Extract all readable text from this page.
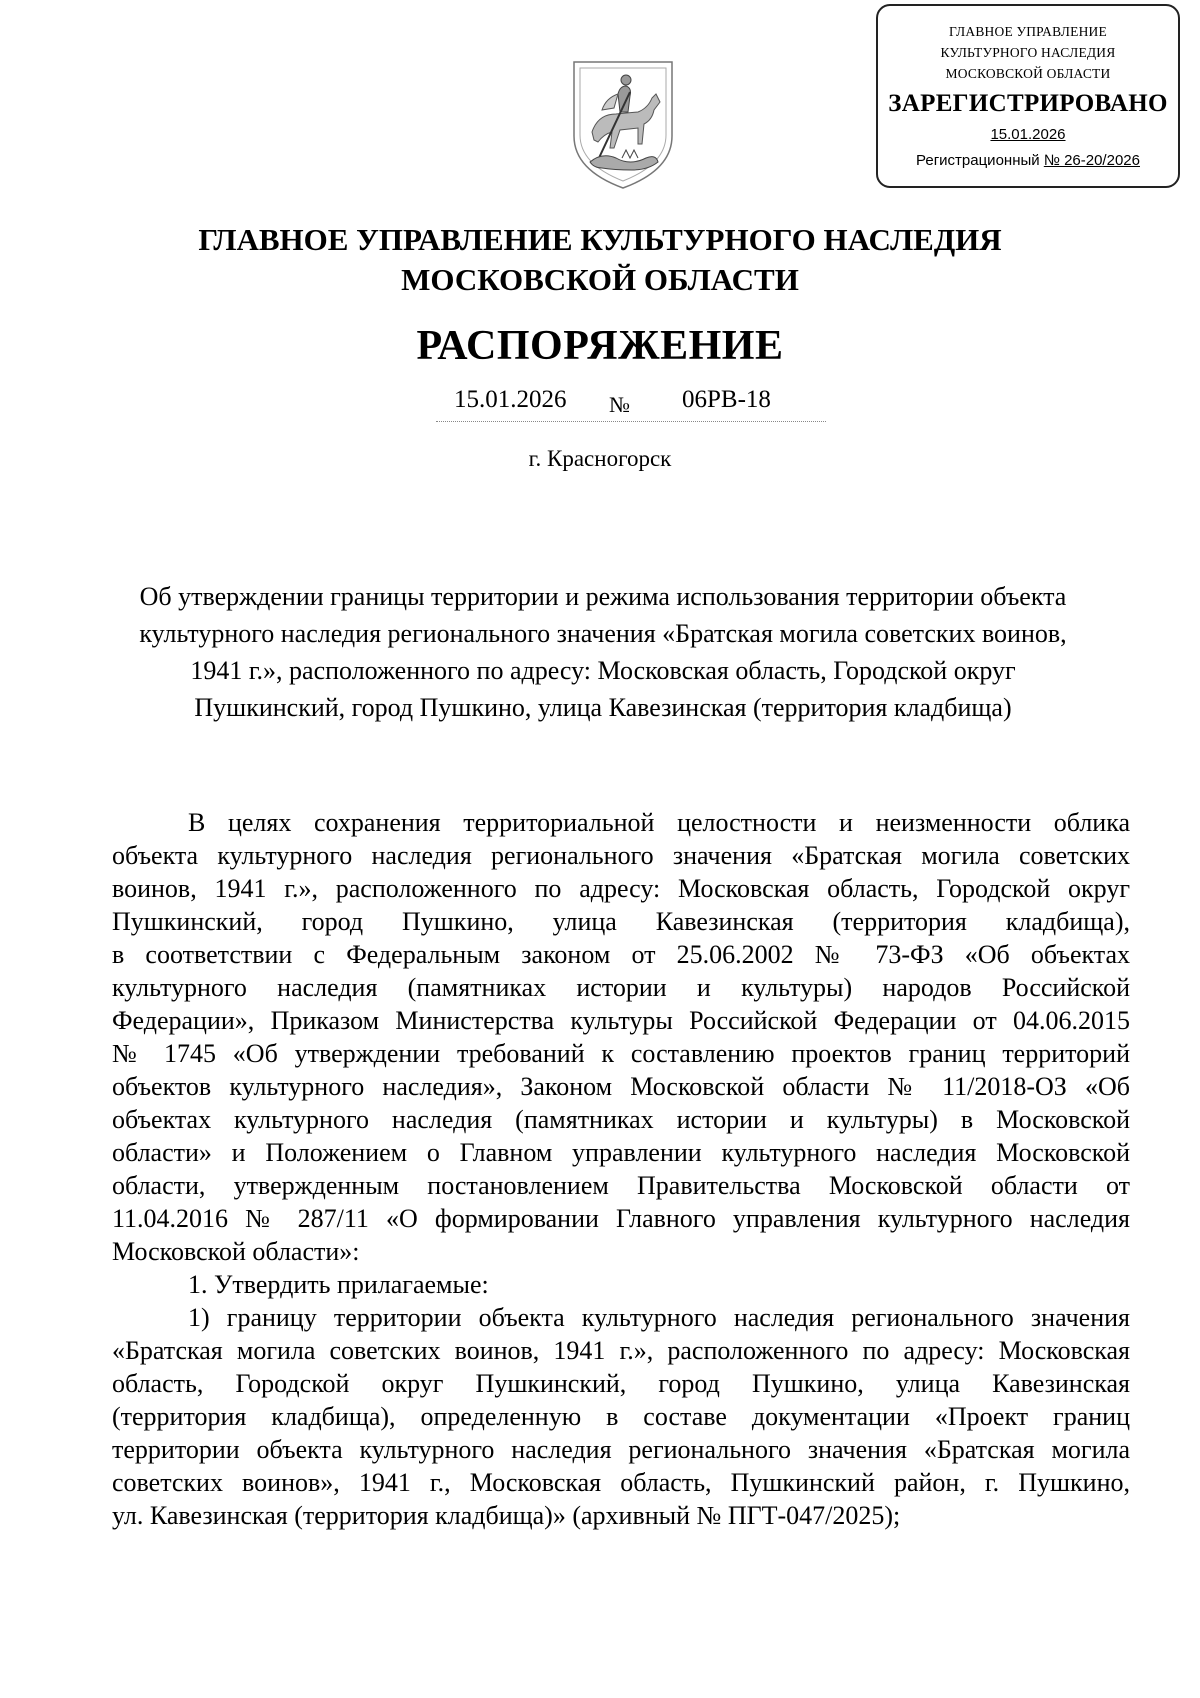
ГЛАВНОЕ УПРАВЛЕНИЕ
КУЛЬТУРНОГО НАСЛЕДИЯ
МОСКОВСКОЙ ОБЛАСТИ
ЗАРЕГИСТРИРОВАНО
15.01.2026
Регистрационный № 26-20/2026
ГЛАВНОЕ УПРАВЛЕНИЕ КУЛЬТУРНОГО НАСЛЕДИЯ
МОСКОВСКОЙ ОБЛАСТИ
РАСПОРЯЖЕНИЕ
15.01.2026 № 06РВ-18
г. Красногорск
Об утверждении границы территории и режима использования территории объекта
культурного наследия регионального значения «Братская могила советских воинов,
1941 г.», расположенного по адресу: Московская область, Городской округ
Пушкинский, город Пушкино, улица Кавезинская (территория кладбища)
В целях сохранения территориальной целостности и неизменности облика
объекта культурного наследия регионального значения «Братская могила советских
воинов, 1941 г.», расположенного по адресу: Московская область, Городской округ
Пушкинский, город Пушкино, улица Кавезинская (территория кладбища),
в соответствии с Федеральным законом от 25.06.2002 № 73-ФЗ «Об объектах
культурного наследия (памятниках истории и культуры) народов Российской
Федерации», Приказом Министерства культуры Российской Федерации от 04.06.2015
№ 1745 «Об утверждении требований к составлению проектов границ территорий
объектов культурного наследия», Законом Московской области № 11/2018-ОЗ «Об
объектах культурного наследия (памятниках истории и культуры) в Московской
области» и Положением о Главном управлении культурного наследия Московской
области, утвержденным постановлением Правительства Московской области от
11.04.2016 № 287/11 «О формировании Главного управления культурного наследия
Московской области»:
1. Утвердить прилагаемые:
1) границу территории объекта культурного наследия регионального значения
«Братская могила советских воинов, 1941 г.», расположенного по адресу: Московская
область, Городской округ Пушкинский, город Пушкино, улица Кавезинская
(территория кладбища), определенную в составе документации «Проект границ
территории объекта культурного наследия регионального значения «Братская могила
советских воинов», 1941 г., Московская область, Пушкинский район, г. Пушкино,
ул. Кавезинская (территория кладбища)» (архивный № ПГТ-047/2025);
